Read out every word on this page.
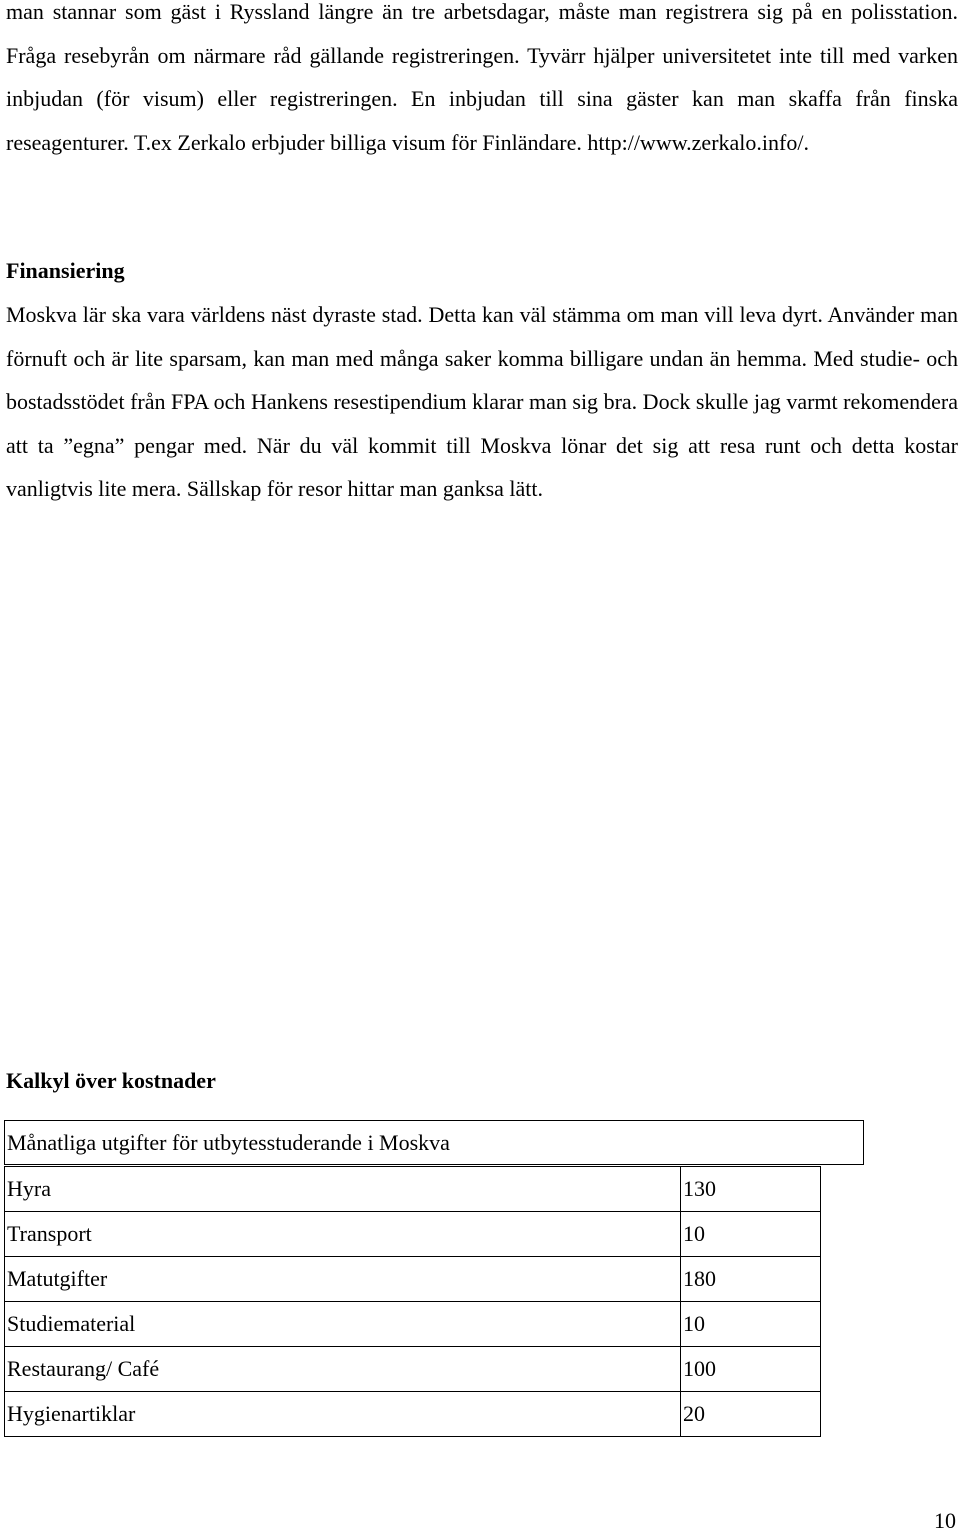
man stannar som gäst i Ryssland längre än tre arbetsdagar, måste man registrera sig på en polisstation. Fråga resebyrån om närmare råd gällande registreringen. Tyvärr hjälper universitetet inte till med varken inbjudan (för visum) eller registreringen. En inbjudan till sina gäster kan man skaffa från finska reseagenturer. T.ex Zerkalo erbjuder billiga visum för Finländare. http://www.zerkalo.info/.
Finansiering
Moskva lär ska vara världens näst dyraste stad. Detta kan väl stämma om man vill leva dyrt. Använder man förnuft och är lite sparsam, kan man med många saker komma billigare undan än hemma. Med studie- och bostadsstödet från FPA och Hankens resestipendium klarar man sig bra. Dock skulle jag varmt rekomendera att ta ”egna” pengar med. När du väl kommit till Moskva lönar det sig att resa runt och detta kostar vanligtvis lite mera. Sällskap för resor hittar man ganksa lätt.
Kalkyl över kostnader
Månatliga utgifter för utbytesstuderande i Moskva
Hyra	130
Transport	10
Matutgifter	180
Studiematerial	10
Restaurang/ Café	100
Hygienartiklar	20
10
